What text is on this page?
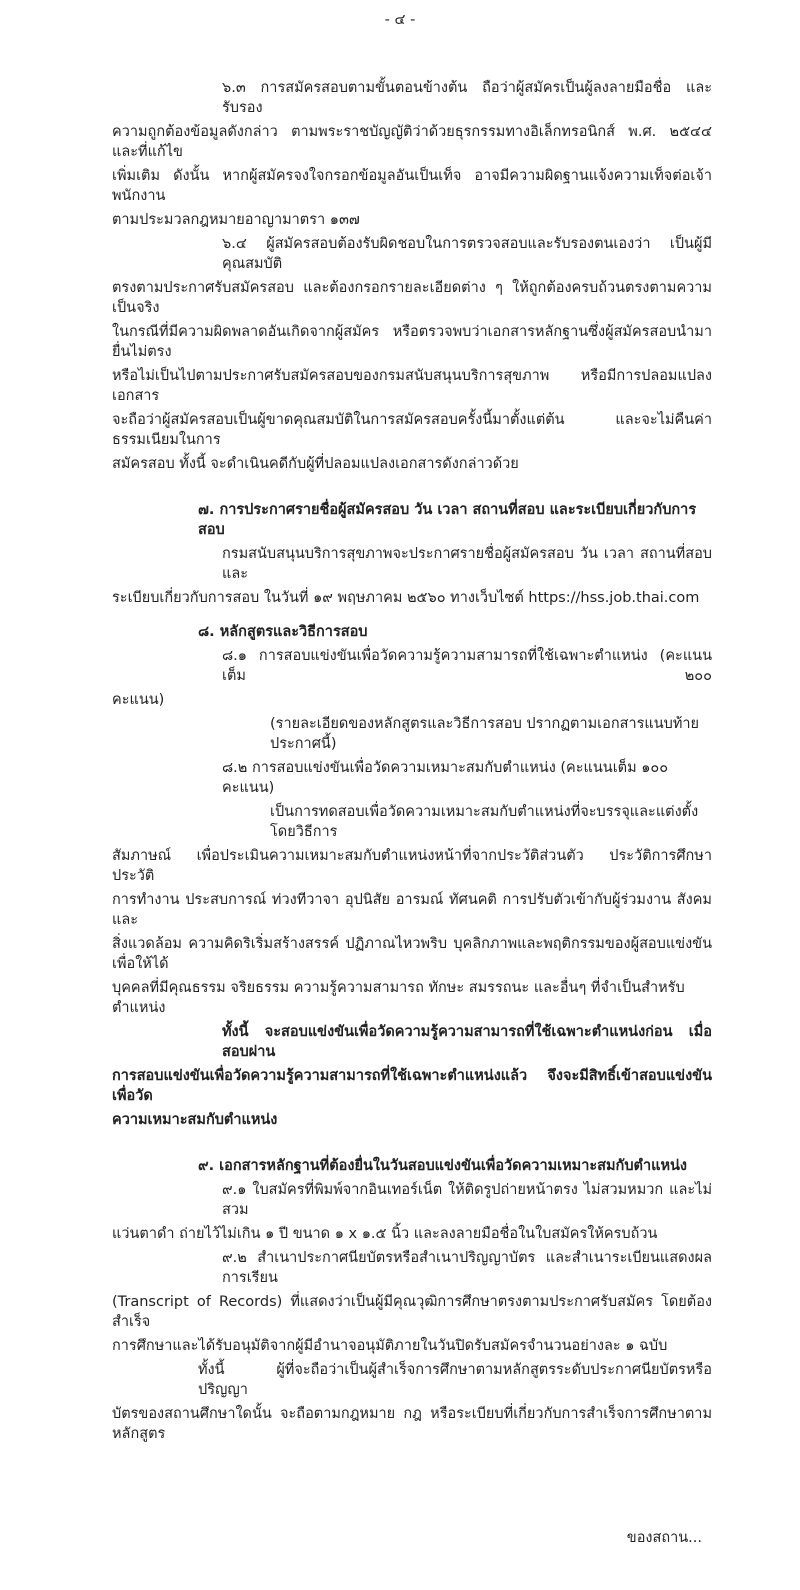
- ๔ -
๖.๓ การสมัครสอบตามขั้นตอนข้างต้น ถือว่าผู้สมัครเป็นผู้ลงลายมือชื่อ และรับรอง
ความถูกต้องข้อมูลดังกล่าว ตามพระราชบัญญัติว่าด้วยธุรกรรมทางอิเล็กทรอนิกส์ พ.ศ. ๒๕๔๔ และที่แก้ไข
เพิ่มเติม ดังนั้น หากผู้สมัครจงใจกรอกข้อมูลอันเป็นเท็จ อาจมีความผิดฐานแจ้งความเท็จต่อเจ้าพนักงาน
ตามประมวลกฎหมายอาญามาตรา ๑๓๗
๖.๔ ผู้สมัครสอบต้องรับผิดชอบในการตรวจสอบและรับรองตนเองว่า เป็นผู้มีคุณสมบัติ
ตรงตามประกาศรับสมัครสอบ และต้องกรอกรายละเอียดต่าง ๆ ให้ถูกต้องครบถ้วนตรงตามความเป็นจริง
ในกรณีที่มีความผิดพลาดอันเกิดจากผู้สมัคร หรือตรวจพบว่าเอกสารหลักฐานซึ่งผู้สมัครสอบนำมายื่นไม่ตรง
หรือไม่เป็นไปตามประกาศรับสมัครสอบของกรมสนับสนุนบริการสุขภาพ หรือมีการปลอมแปลงเอกสาร
จะถือว่าผู้สมัครสอบเป็นผู้ขาดคุณสมบัติในการสมัครสอบครั้งนี้มาตั้งแต่ต้น และจะไม่คืนค่าธรรมเนียมในการ
สมัครสอบ ทั้งนี้ จะดำเนินคดีกับผู้ที่ปลอมแปลงเอกสารดังกล่าวด้วย
๗. การประกาศรายชื่อผู้สมัครสอบ วัน เวลา สถานที่สอบ และระเบียบเกี่ยวกับการสอบ
กรมสนับสนุนบริการสุขภาพจะประกาศรายชื่อผู้สมัครสอบ วัน เวลา สถานที่สอบ และ
ระเบียบเกี่ยวกับการสอบ ในวันที่ ๑๙ พฤษภาคม ๒๕๖๐ ทางเว็บไซต์ https://hss.job.thai.com
๘. หลักสูตรและวิธีการสอบ
๘.๑ การสอบแข่งขันเพื่อวัดความรู้ความสามารถที่ใช้เฉพาะตำแหน่ง (คะแนนเต็ม ๒๐๐
คะแนน)
(รายละเอียดของหลักสูตรและวิธีการสอบ ปรากฏตามเอกสารแนบท้ายประกาศนี้)
๘.๒ การสอบแข่งขันเพื่อวัดความเหมาะสมกับตำแหน่ง (คะแนนเต็ม ๑๐๐ คะแนน)
เป็นการทดสอบเพื่อวัดความเหมาะสมกับตำแหน่งที่จะบรรจุและแต่งตั้ง โดยวิธีการ
สัมภาษณ์ เพื่อประเมินความเหมาะสมกับตำแหน่งหน้าที่จากประวัติส่วนตัว ประวัติการศึกษา ประวัติ
การทำงาน ประสบการณ์ ท่วงทีวาจา อุปนิสัย อารมณ์ ทัศนคติ การปรับตัวเข้ากับผู้ร่วมงาน สังคม และ
สิ่งแวดล้อม ความคิดริเริ่มสร้างสรรค์ ปฏิภาณไหวพริบ บุคลิกภาพและพฤติกรรมของผู้สอบแข่งขัน เพื่อให้ได้
บุคคลที่มีคุณธรรม จริยธรรม ความรู้ความสามารถ ทักษะ สมรรถนะ และอื่นๆ ที่จำเป็นสำหรับตำแหน่ง
ทั้งนี้ จะสอบแข่งขันเพื่อวัดความรู้ความสามารถที่ใช้เฉพาะตำแหน่งก่อน เมื่อสอบผ่าน
การสอบแข่งขันเพื่อวัดความรู้ความสามารถที่ใช้เฉพาะตำแหน่งแล้ว จึงจะมีสิทธิ์เข้าสอบแข่งขันเพื่อวัด
ความเหมาะสมกับตำแหน่ง
๙. เอกสารหลักฐานที่ต้องยื่นในวันสอบแข่งขันเพื่อวัดความเหมาะสมกับตำแหน่ง
๙.๑ ใบสมัครที่พิมพ์จากอินเทอร์เน็ต ให้ติดรูปถ่ายหน้าตรง ไม่สวมหมวก และไม่สวม
แว่นตาดำ ถ่ายไว้ไม่เกิน ๑ ปี ขนาด ๑ x ๑.๕ นิ้ว และลงลายมือชื่อในใบสมัครให้ครบถ้วน
๙.๒ สำเนาประกาศนียบัตรหรือสำเนาปริญญาบัตร และสำเนาระเบียนแสดงผลการเรียน
(Transcript of Records) ที่แสดงว่าเป็นผู้มีคุณวุฒิการศึกษาตรงตามประกาศรับสมัคร โดยต้องสำเร็จ
การศึกษาและได้รับอนุมัติจากผู้มีอำนาจอนุมัติภายในวันปิดรับสมัครจำนวนอย่างละ ๑ ฉบับ
ทั้งนี้ ผู้ที่จะถือว่าเป็นผู้สำเร็จการศึกษาตามหลักสูตรระดับประกาศนียบัตรหรือปริญญา
บัตรของสถานศึกษาใดนั้น จะถือตามกฎหมาย กฎ หรือระเบียบที่เกี่ยวกับการสำเร็จการศึกษาตามหลักสูตร
ของสถาน...
